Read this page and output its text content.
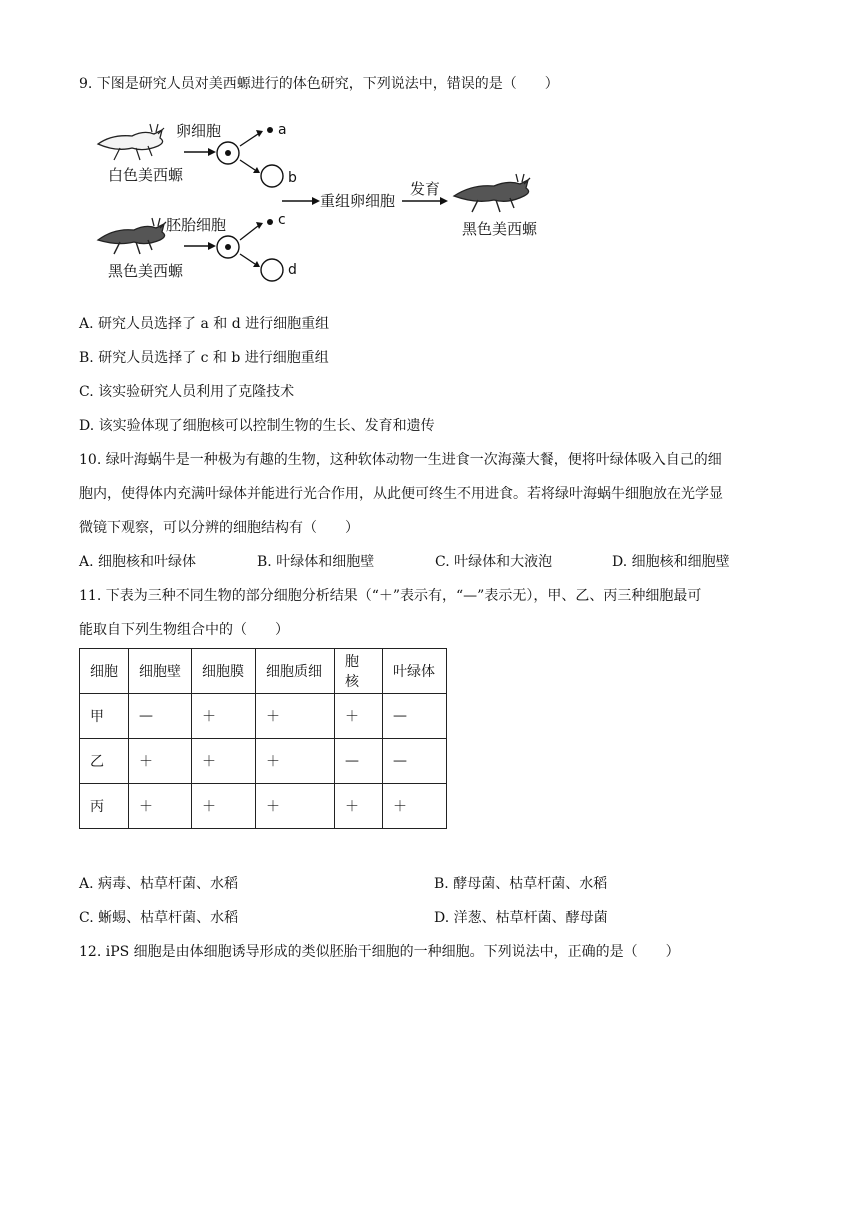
9. 下图是研究人员对美西螈进行的体色研究，下列说法中，错误的是（　　）
白色美西螈
卵细胞	a
b
黑色美西螈
胚胎细胞	c
d
重组卵细胞
发育
黑色美西螈
A. 研究人员选择了 a 和 d 进行细胞重组
B. 研究人员选择了 c 和 b 进行细胞重组
C. 该实验研究人员利用了克隆技术
D. 该实验体现了细胞核可以控制生物的生长、发育和遗传
10. 绿叶海蜗牛是一种极为有趣的生物，这种软体动物一生进食一次海藻大餐，便将叶绿体吸入自己的细
胞内，使得体内充满叶绿体并能进行光合作用，从此便可终生不用进食。若将绿叶海蜗牛细胞放在光学显
微镜下观察，可以分辨的细胞结构有（　　）
A. 细胞核和叶绿体	B. 叶绿体和细胞壁	C. 叶绿体和大液泡	D. 细胞核和细胞壁
11. 下表为三种不同生物的部分细胞分析结果（“＋”表示有，“—”表示无），甲、乙、丙三种细胞最可
能取自下列生物组合中的（　　）
细胞	细胞壁	细胞膜	细胞质细	胞核	叶绿体
甲	—	＋	＋	＋	—
乙	＋	＋	＋	—	—
丙	＋	＋	＋	＋	＋
A. 病毒、枯草杆菌、水稻	B. 酵母菌、枯草杆菌、水稻
C. 蜥蜴、枯草杆菌、水稻	D. 洋葱、枯草杆菌、酵母菌
12. iPS 细胞是由体细胞诱导形成的类似胚胎干细胞的一种细胞。下列说法中，正确的是（　　）
